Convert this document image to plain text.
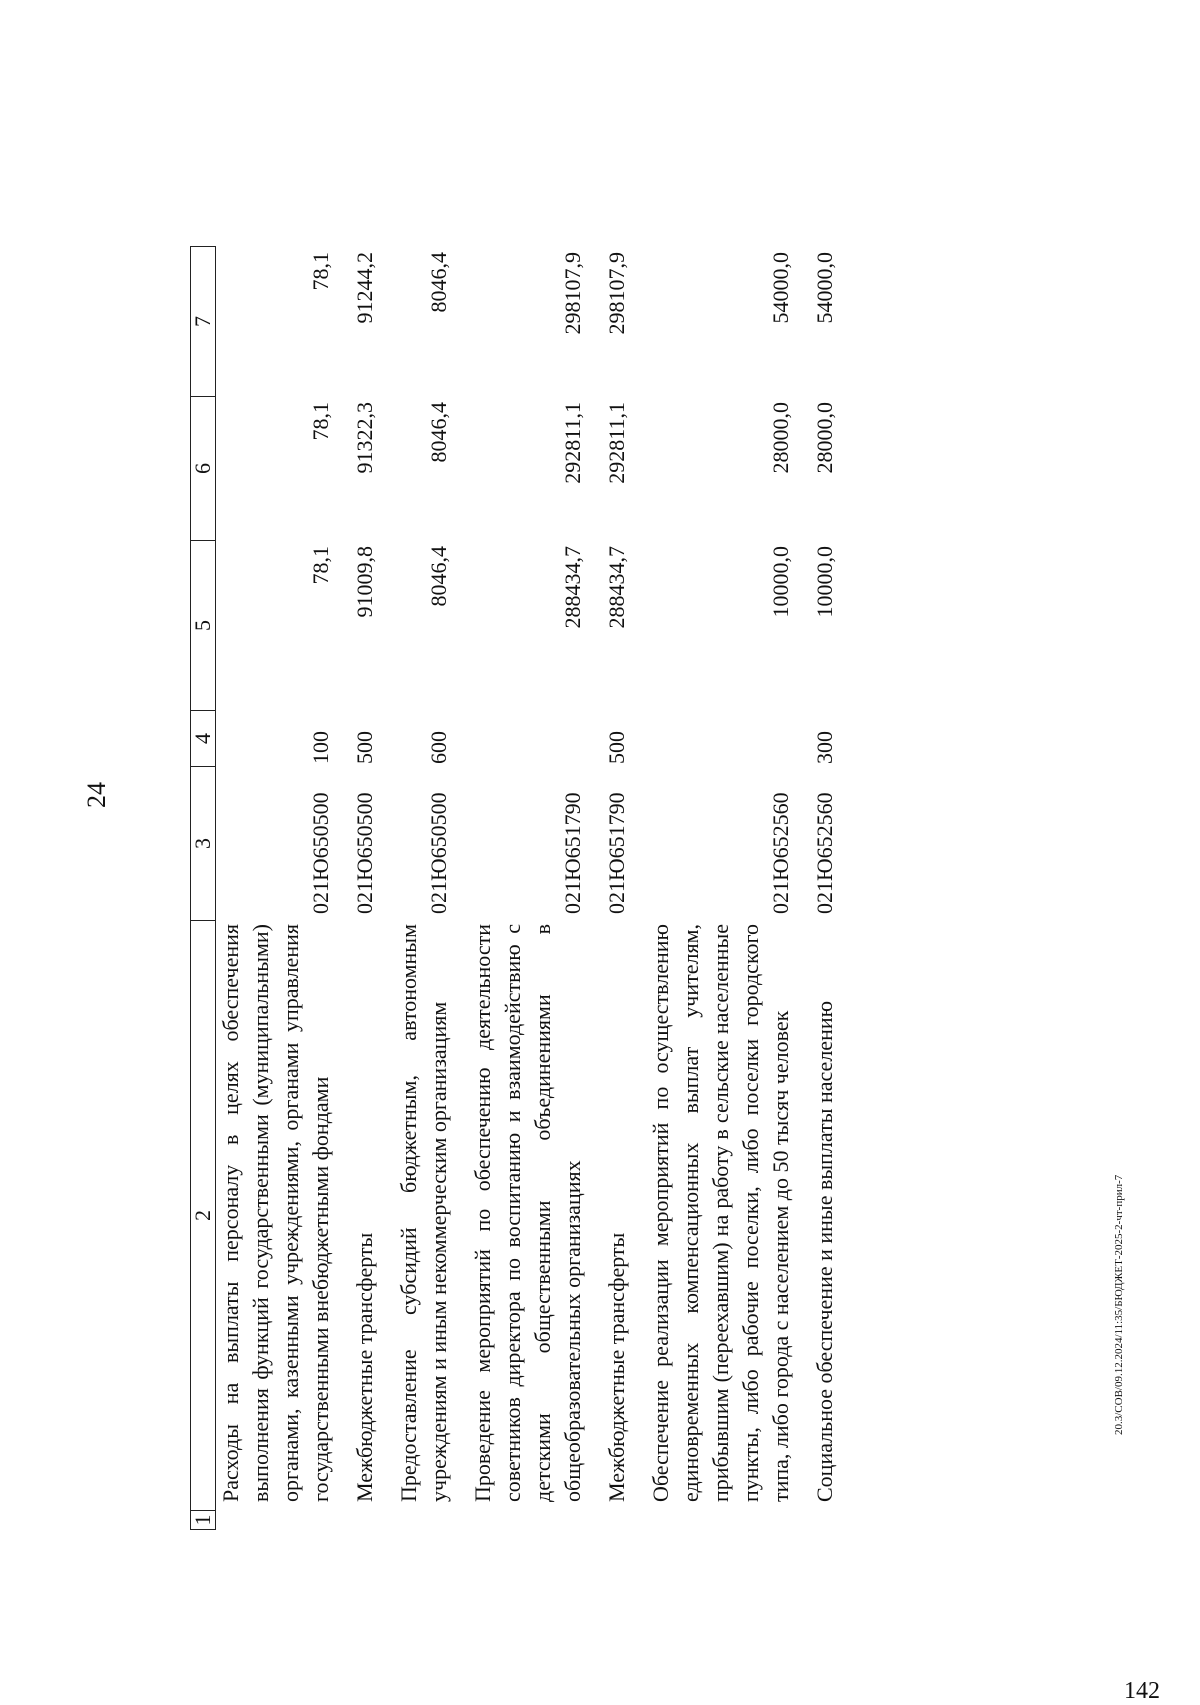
24
1
2
3
4
5
6
7
Расходы на выплаты персоналу в целях обеспечения выполнения функций государственными (муниципальными) органами, казенными учреждениями, органами управления государственными внебюджетными фондами
021Ю650500
100
78,1
78,1
78,1
Межбюджетные трансферты
021Ю650500
500
91009,8
91322,3
91244,2
Предоставление субсидий бюджетным, автономным учреждениям и иным некоммерческим организациям
021Ю650500
600
8046,4
8046,4
8046,4
Проведение мероприятий по обеспечению деятельности советников директора по воспитанию и взаимодействию с детскими общественными объединениями в общеобразовательных организациях
021Ю651790
288434,7
292811,1
298107,9
Межбюджетные трансферты
021Ю651790
500
288434,7
292811,1
298107,9
Обеспечение реализации мероприятий по осуществлению единовременных компенсационных выплат учителям, прибывшим (переехавшим) на работу в сельские населенные пункты, либо рабочие поселки, либо поселки городского типа, либо города с населением до 50 тысяч человек
021Ю652560
10000,0
28000,0
54000,0
Социальное обеспечение и иные выплаты населению
021Ю652560
300
10000,0
28000,0
54000,0
20.3/СОВ/09.12.2024/11:35/БЮДЖЕТ-2025-2-чт-прил-7
142
